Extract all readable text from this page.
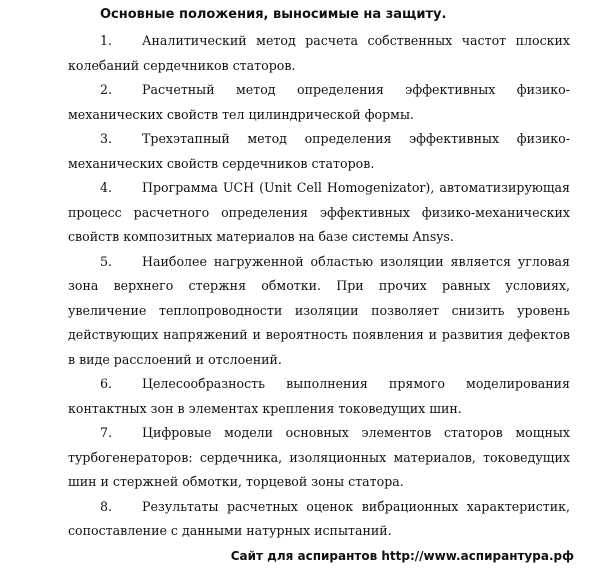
Основные положения, выносимые на защиту.

1. Аналитический метод расчета собственных частот плоских колебаний сердечников статоров.

2. Расчетный метод определения эффективных физико-механических свойств тел цилиндрической формы.

3. Трехэтапный метод определения эффективных физико-механических свойств сердечников статоров.

4. Программа UCH (Unit Cell Homogenizator), автоматизирующая процесс расчетного определения эффективных физико-механических свойств композитных материалов на базе системы Ansys.

5. Наиболее нагруженной областью изоляции является угловая зона верхнего стержня обмотки. При прочих равных условиях, увеличение теплопроводности изоляции позволяет снизить уровень действующих напряжений и вероятность появления и развития дефектов в виде расслоений и отслоений.

6. Целесообразность выполнения прямого моделирования контактных зон в элементах крепления токоведущих шин.

7. Цифровые модели основных элементов статоров мощных турбогенераторов: сердечника, изоляционных материалов, токоведущих шин и стержней обмотки, торцевой зоны статора.

8. Результаты расчетных оценок вибрационных характеристик, сопоставление с данными натурных испытаний.

Сайт для аспирантов http://www.аспирантура.рф
